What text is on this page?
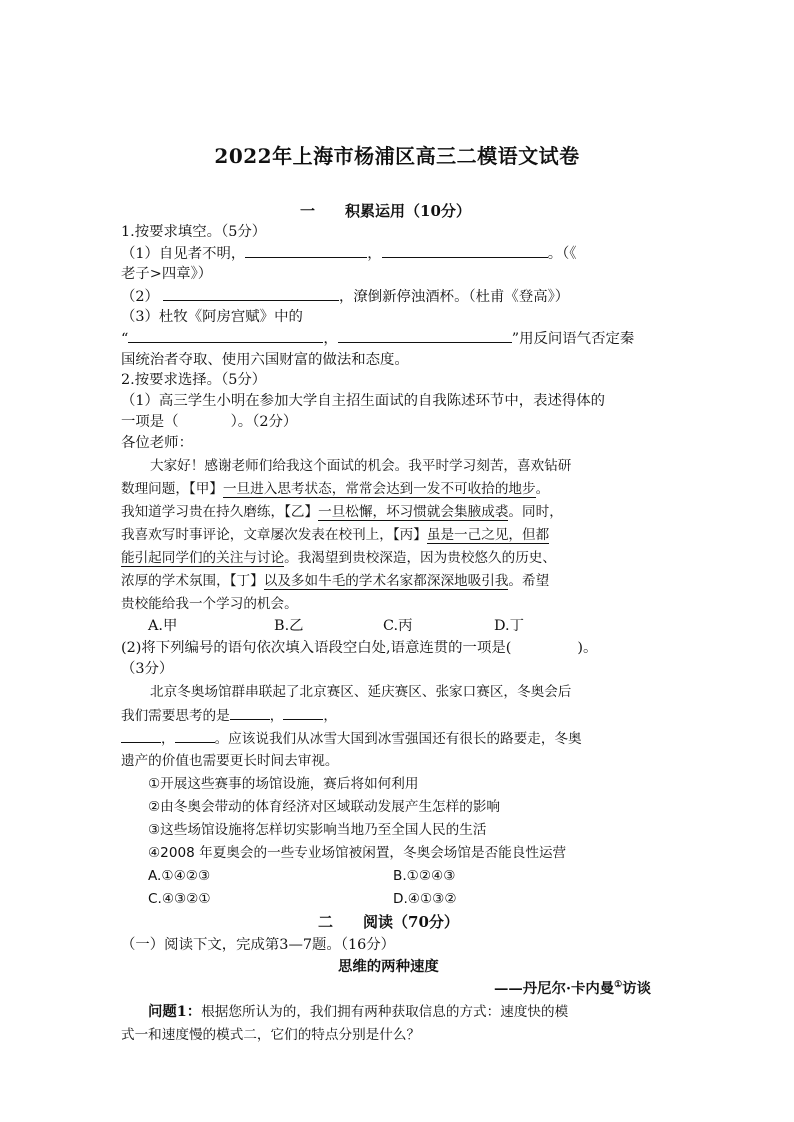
2022年上海市杨浦区高三二模语文试卷
一 积累运用（10分）
1.按要求填空。（5分）
（1）自见者不明，	，	。（《
老子>四章》）
（2）	，潦倒新停浊酒杯。（杜甫《登高》）
（3）杜牧《阿房宫赋》中的
“	，	”用反问语气否定秦
国统治者夺取、使用六国财富的做法和态度。
2.按要求选择。（5分）
（1）高三学生小明在参加大学自主招生面试的自我陈述环节中，表述得体的
一项是（	）。（2分）
各位老师：
大家好！感谢老师们给我这个面试的机会。我平时学习刻苦，喜欢钻研
数理问题，【甲】一旦进入思考状态，常常会达到一发不可收拾的地步。
我知道学习贵在持久磨练，【乙】一旦松懈，坏习惯就会集腋成裘。同时，
我喜欢写时事评论，文章屡次发表在校刊上，【丙】虽是一己之见，但都
能引起同学们的关注与讨论。我渴望到贵校深造，因为贵校悠久的历史、
浓厚的学术氛围，【丁】以及多如牛毛的学术名家都深深地吸引我。希望
贵校能给我一个学习的机会。
A.甲	B.乙	C.丙	D.丁
(2)将下列编号的语句依次填入语段空白处,语意连贯的一项是(	)。
（3分）
北京冬奥场馆群串联起了北京赛区、延庆赛区、张家口赛区，冬奥会后
我们需要思考的是	，	，
，	。应该说我们从冰雪大国到冰雪强国还有很长的路要走，冬奥
遗产的价值也需要更长时间去审视。
①开展这些赛事的场馆设施，赛后将如何利用
②由冬奥会带动的体育经济对区域联动发展产生怎样的影响
③这些场馆设施将怎样切实影响当地乃至全国人民的生活
④2008 年夏奥会的一些专业场馆被闲置，冬奥会场馆是否能良性运营
A.①④②③	B.①②④③
C.④③②①	D.④①③②
二 阅读（70分）
（一）阅读下文，完成第3—7题。（16分）
思维的两种速度
——丹尼尔·卡内曼①访谈
问题1：根据您所认为的，我们拥有两种获取信息的方式：速度快的模
式一和速度慢的模式二，它们的特点分别是什么？
